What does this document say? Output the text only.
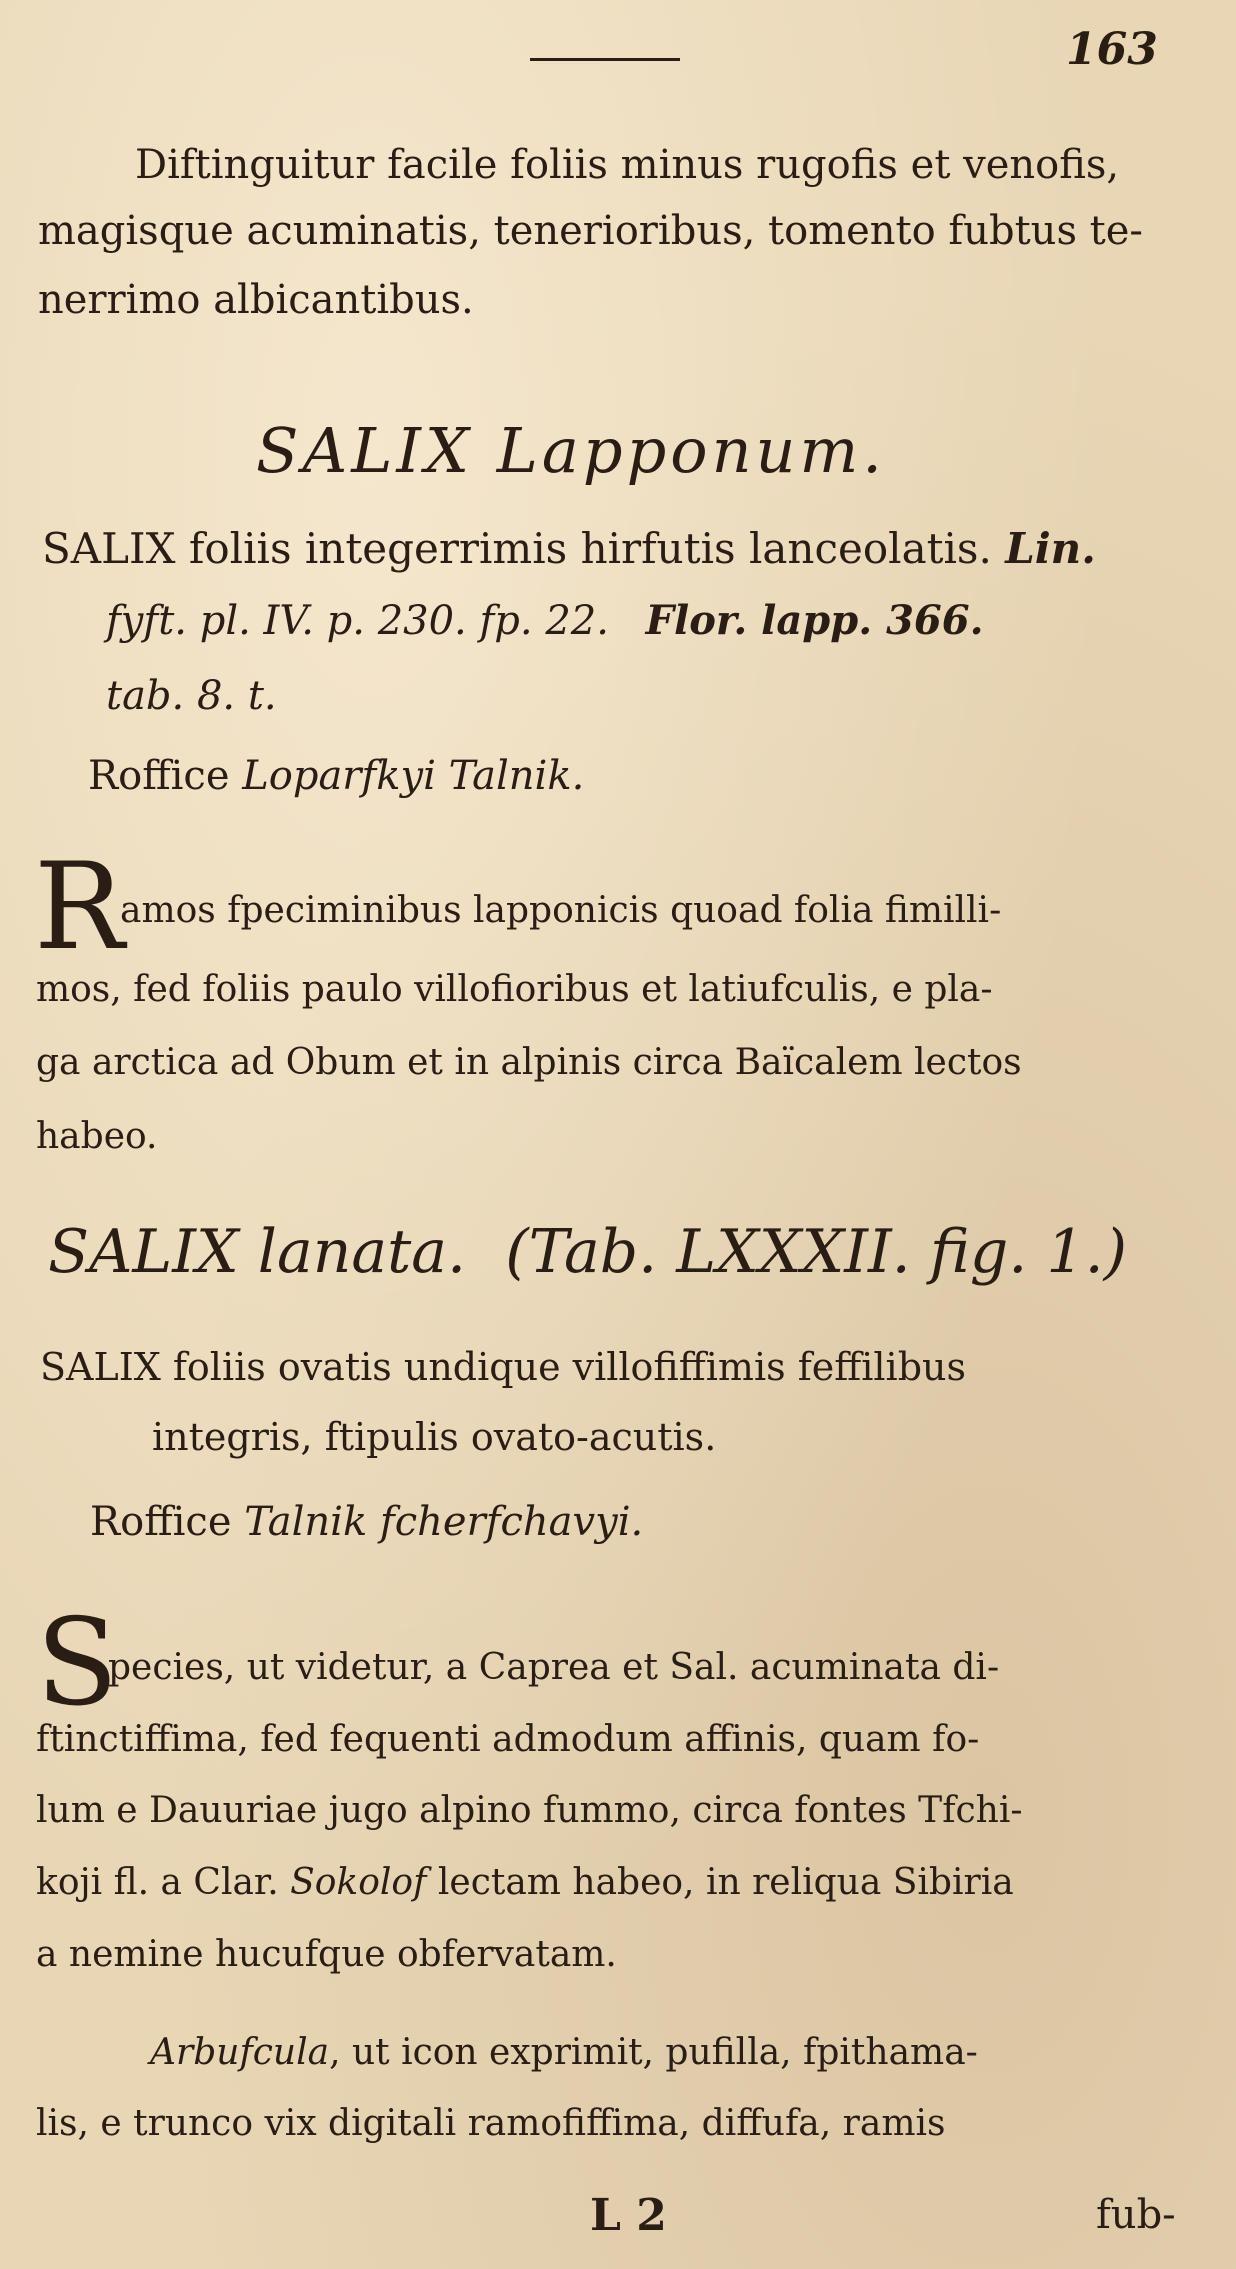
163
Diftinguitur facile foliis minus rugofis et venofis,
magisque acuminatis, tenerioribus, tomento fubtus te-
nerrimo albicantibus.
SALIX Lapponum.
SALIX foliis integerrimis hirfutis lanceolatis. Lin.
fyft. pl. IV. p. 230. fp. 22. Flor. lapp. 366.
tab. 8. t.
Roffice Loparfkyi Talnik.
R
amos fpeciminibus lapponicis quoad folia fimilli-
mos, fed foliis paulo villofioribus et latiufculis, e pla-
ga arctica ad Obum et in alpinis circa Baïcalem lectos
habeo.
SALIX lanata. (Tab. LXXXII. fig. 1.)
SALIX foliis ovatis undique villofiffimis feffilibus
integris, ftipulis ovato-acutis.
Roffice Talnik fcherfchavyi.
S
pecies, ut videtur, a Caprea et Sal. acuminata di-
ftinctiffima, fed fequenti admodum affinis, quam fo-
lum e Dauuriae jugo alpino fummo, circa fontes Tfchi-
koji fl. a Clar. Sokolof lectam habeo, in reliqua Sibiria
a nemine hucufque obfervatam.
Arbufcula, ut icon exprimit, pufilla, fpithama-
lis, e trunco vix digitali ramofiffima, diffufa, ramis
L 2	fub-
